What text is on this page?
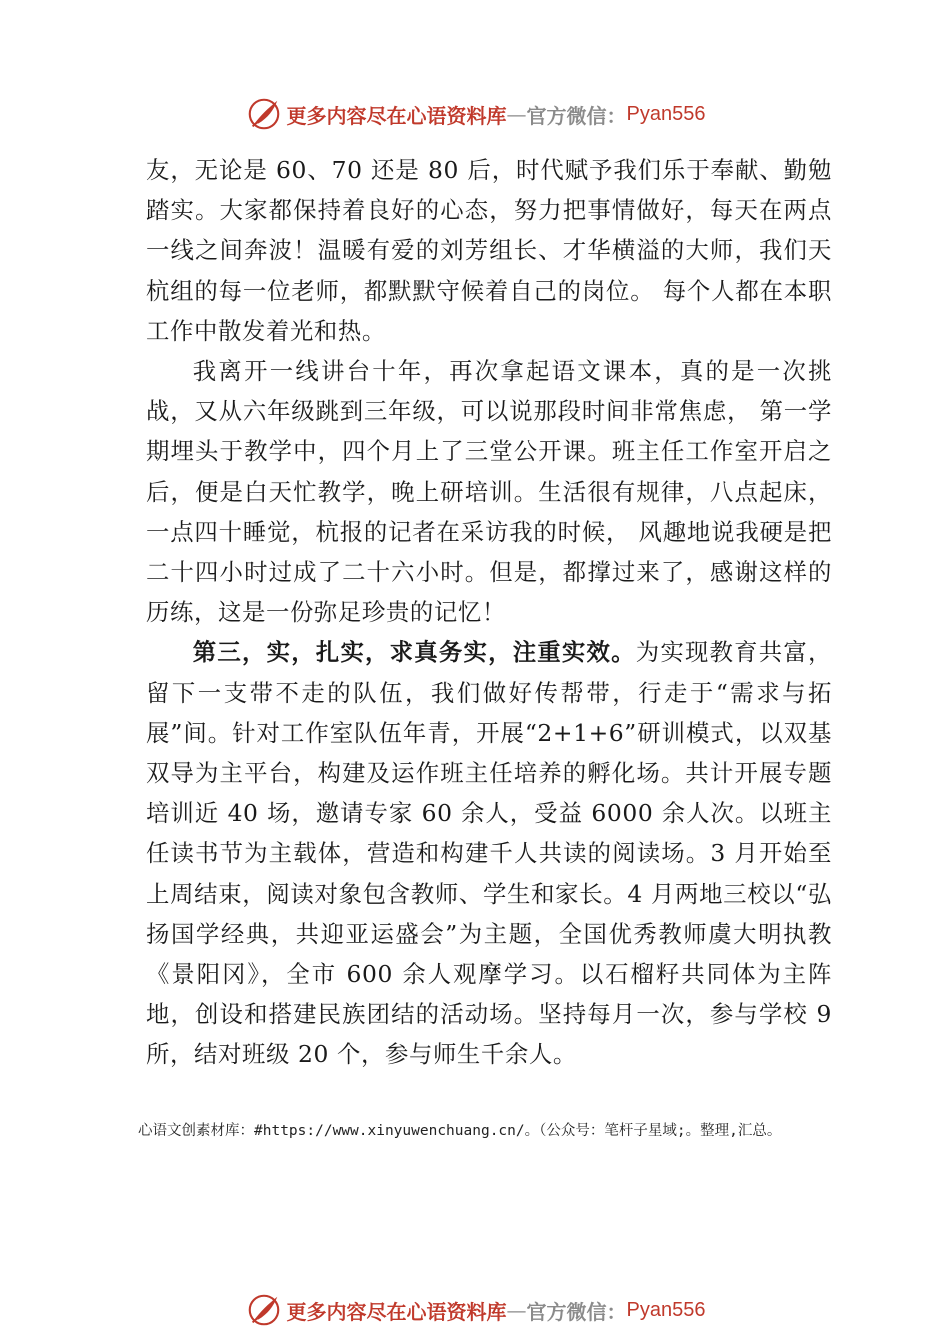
更多内容尽在心语资料库 — 官方微信： Pyan556

友，无论是 60、70 还是 80 后，时代赋予我们乐于奉献、勤勉踏实。大家都保持着良好的心态，努力把事情做好，每天在两点一线之间奔波！温暖有爱的刘芳组长、才华横溢的大师，我们天杭组的每一位老师，都默默守候着自己的岗位。 每个人都在本职工作中散发着光和热。

我离开一线讲台十年，再次拿起语文课本，真的是一次挑战，又从六年级跳到三年级，可以说那段时间非常焦虑， 第一学期埋头于教学中，四个月上了三堂公开课。班主任工作室开启之后，便是白天忙教学，晚上研培训。生活很有规律，八点起床，一点四十睡觉，杭报的记者在采访我的时候， 风趣地说我硬是把二十四小时过成了二十六小时。但是，都撑过来了，感谢这样的历练，这是一份弥足珍贵的记忆！

第三，实，扎实，求真务实，注重实效。为实现教育共富，留下一支带不走的队伍，我们做好传帮带，行走于“需求与拓展”间。针对工作室队伍年青，开展“2+1+6”研训模式，以双基双导为主平台，构建及运作班主任培养的孵化场。共计开展专题培训近 40 场，邀请专家 60 余人，受益 6000 余人次。以班主任读书节为主载体，营造和构建千人共读的阅读场。3 月开始至上周结束，阅读对象包含教师、学生和家长。4 月两地三校以“弘扬国学经典，共迎亚运盛会”为主题，全国优秀教师虞大明执教《景阳冈》，全市 600 余人观摩学习。以石榴籽共同体为主阵地，创设和搭建民族团结的活动场。坚持每月一次，参与学校 9 所，结对班级 20 个，参与师生千余人。

心语文创素材库：#https://www.xinyuwenchuang.cn/。（公众号：笔杆子星域;。整理,汇总。
更多内容尽在心语资料库 — 官方微信： Pyan556
